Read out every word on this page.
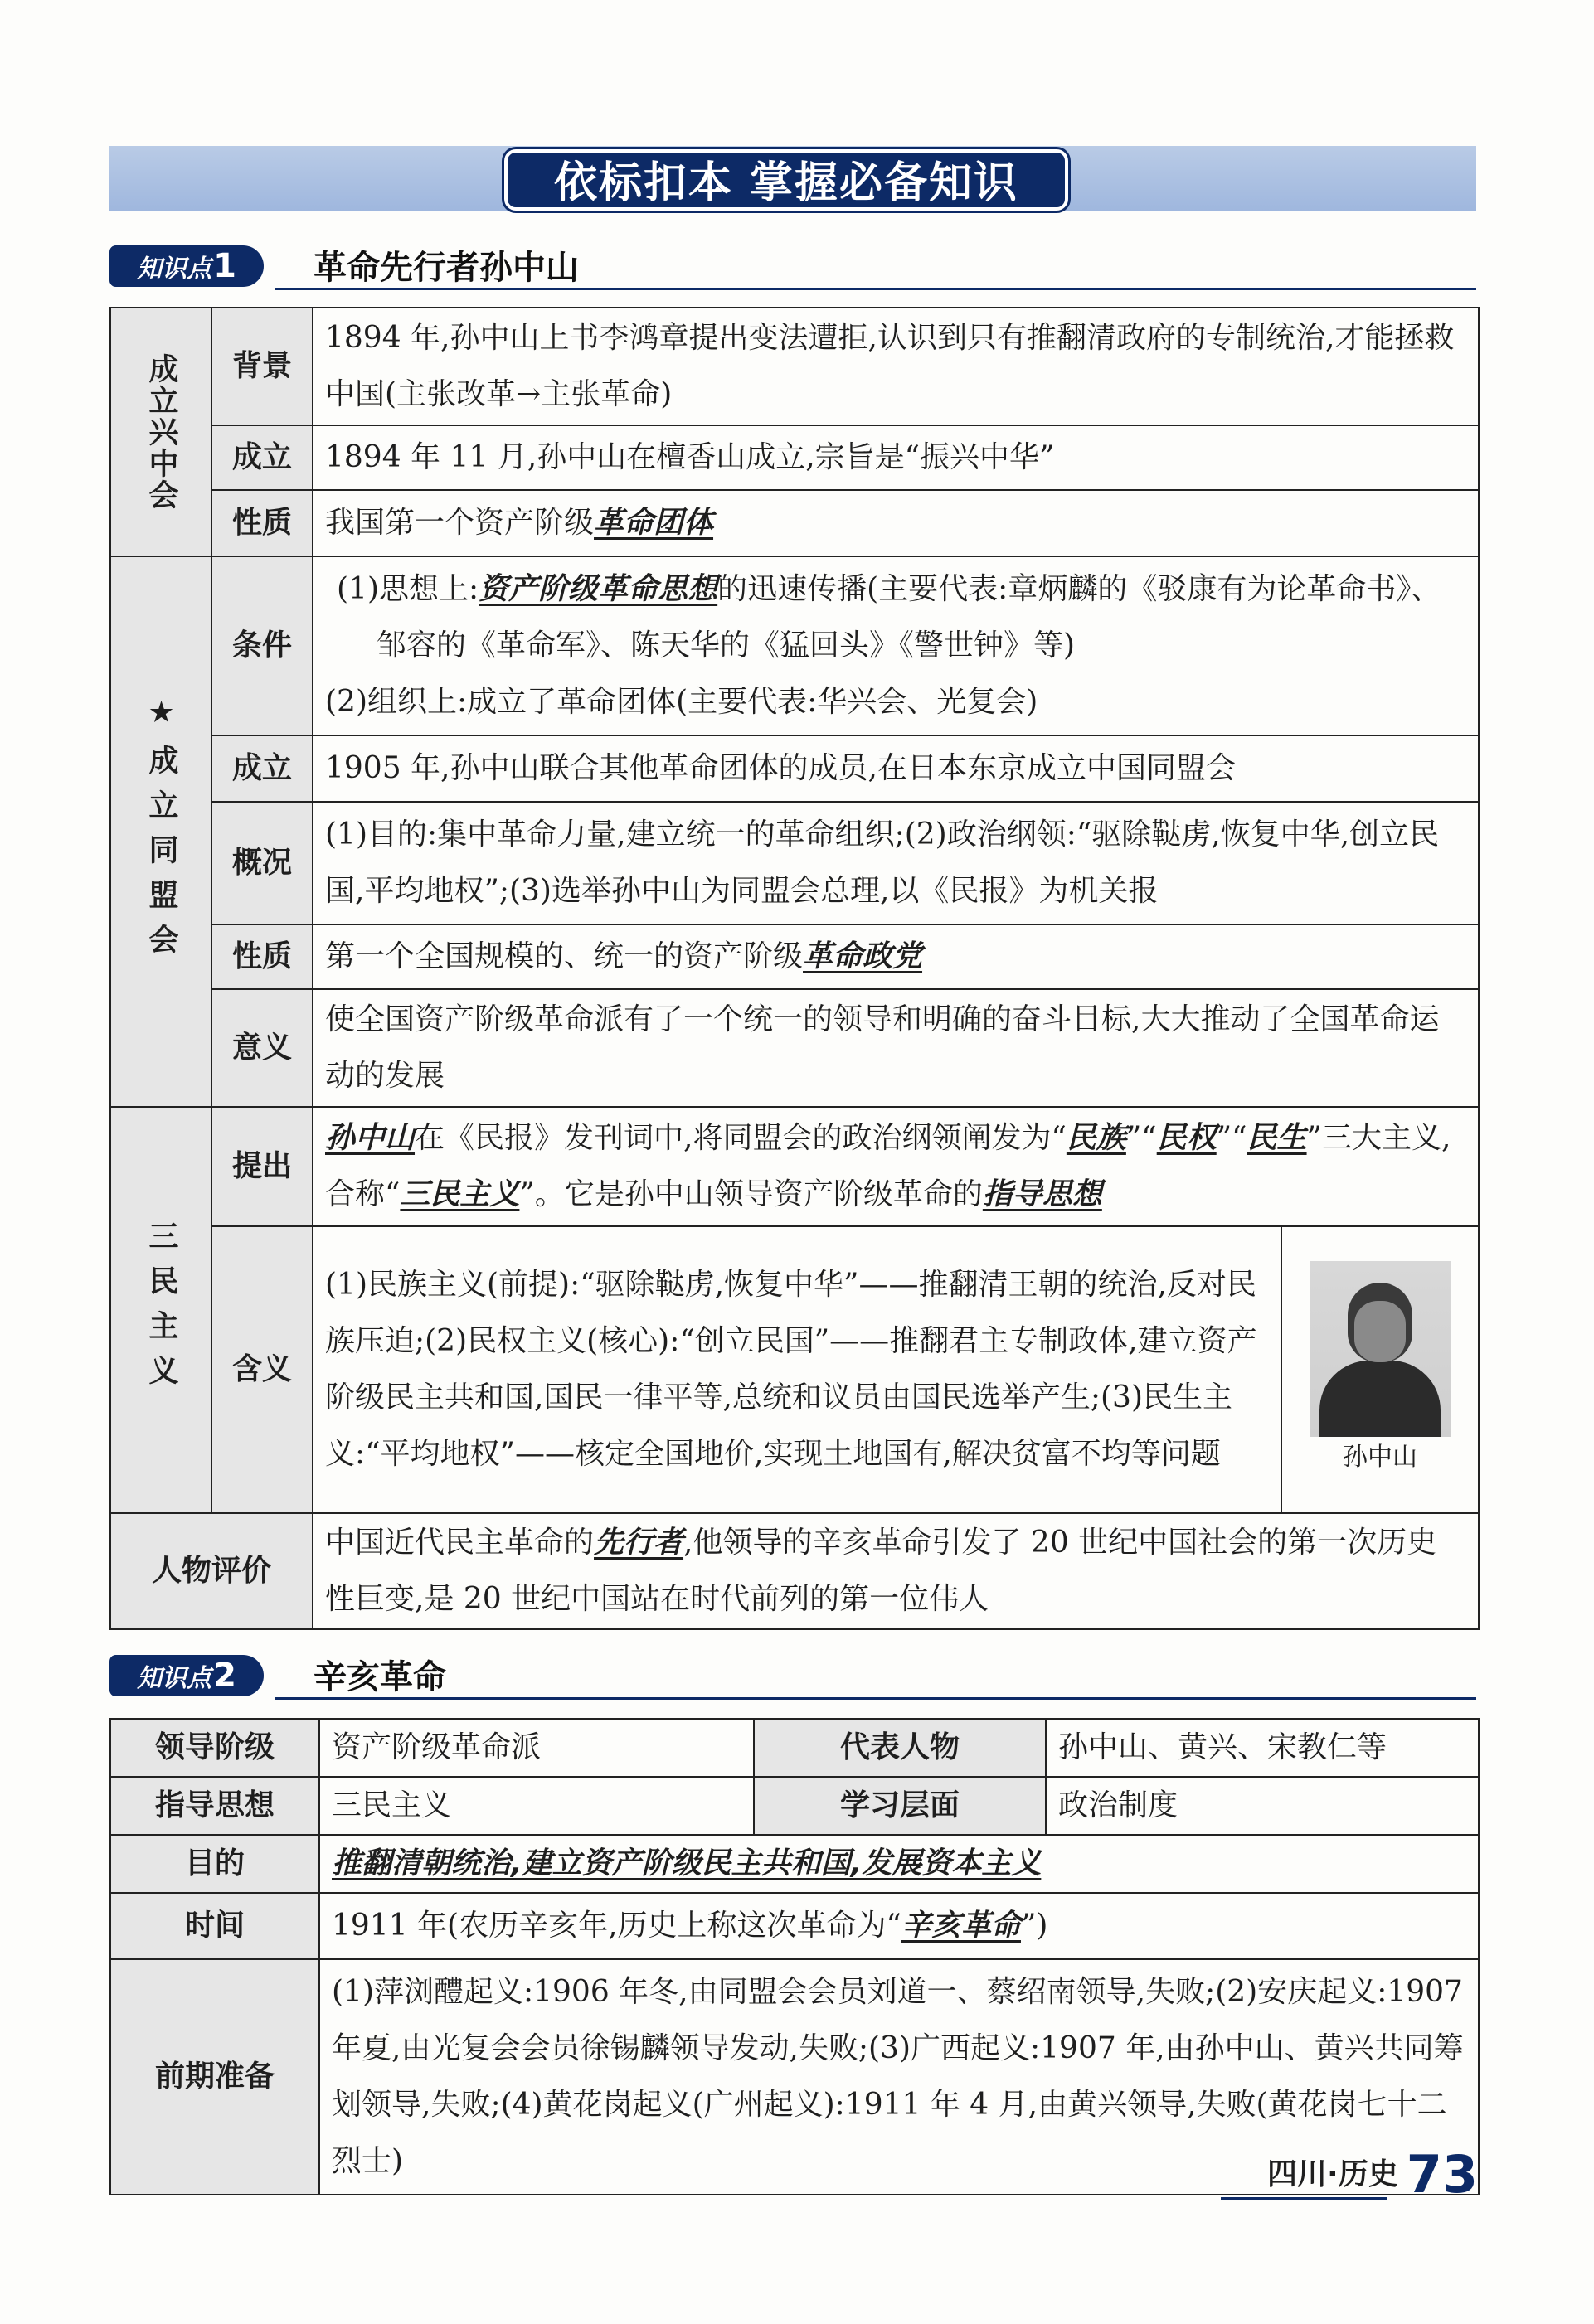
依标扣本 掌握必备知识
知识点1	革命先行者孙中山
成立兴中会	背景	1894 年,孙中山上书李鸿章提出变法遭拒,认识到只有推翻清政府的专制统治,才能拯救中国(主张改革→主张革命)
	成立	1894 年 11 月,孙中山在檀香山成立,宗旨是“振兴中华”
	性质	我国第一个资产阶级革命团体

★成立同盟会	条件	(1)思想上:资产阶级革命思想的迅速传播(主要代表:章炳麟的《驳康有为论革命书》、邹容的《革命军》、陈天华的《猛回头》《警世钟》等)
(2)组织上:成立了革命团体(主要代表:华兴会、光复会)
	成立	1905 年,孙中山联合其他革命团体的成员,在日本东京成立中国同盟会
	概况	(1)目的:集中革命力量,建立统一的革命组织;(2)政治纲领:“驱除鞑虏,恢复中华,创立民国,平均地权”;(3)选举孙中山为同盟会总理,以《民报》为机关报
	性质	第一个全国规模的、统一的资产阶级革命政党
	意义	使全国资产阶级革命派有了一个统一的领导和明确的奋斗目标,大大推动了全国革命运动的发展

三民主义	提出	孙中山在《民报》发刊词中,将同盟会的政治纲领阐发为“民族”“民权”“民生”三大主义,合称“三民主义”。它是孙中山领导资产阶级革命的指导思想
	含义	(1)民族主义(前提):“驱除鞑虏,恢复中华”——推翻清王朝的统治,反对民族压迫;(2)民权主义(核心):“创立民国”——推翻君主专制政体,建立资产阶级民主共和国,国民一律平等,总统和议员由国民选举产生;(3)民生主义:“平均地权”——核定全国地价,实现土地国有,解决贫富不均等问题 孙中山

人物评价		中国近代民主革命的先行者,他领导的辛亥革命引发了 20 世纪中国社会的第一次历史性巨变,是 20 世纪中国站在时代前列的第一位伟人
知识点2	辛亥革命
领导阶级	资产阶级革命派	代表人物	孙中山、黄兴、宋教仁等
指导思想	三民主义	学习层面	政治制度
目的	推翻清朝统治,建立资产阶级民主共和国,发展资本主义		
时间	1911 年(农历辛亥年,历史上称这次革命为“辛亥革命”)		
前期准备	(1)萍浏醴起义:1906 年冬,由同盟会会员刘道一、蔡绍南领导,失败;(2)安庆起义:1907 年夏,由光复会会员徐锡麟领导发动,失败;(3)广西起义:1907 年,由孙中山、黄兴共同筹划领导,失败;(4)黄花岗起义(广州起义):1911 年 4 月,由黄兴领导,失败(黄花岗七十二烈士)			四川·历史 73
